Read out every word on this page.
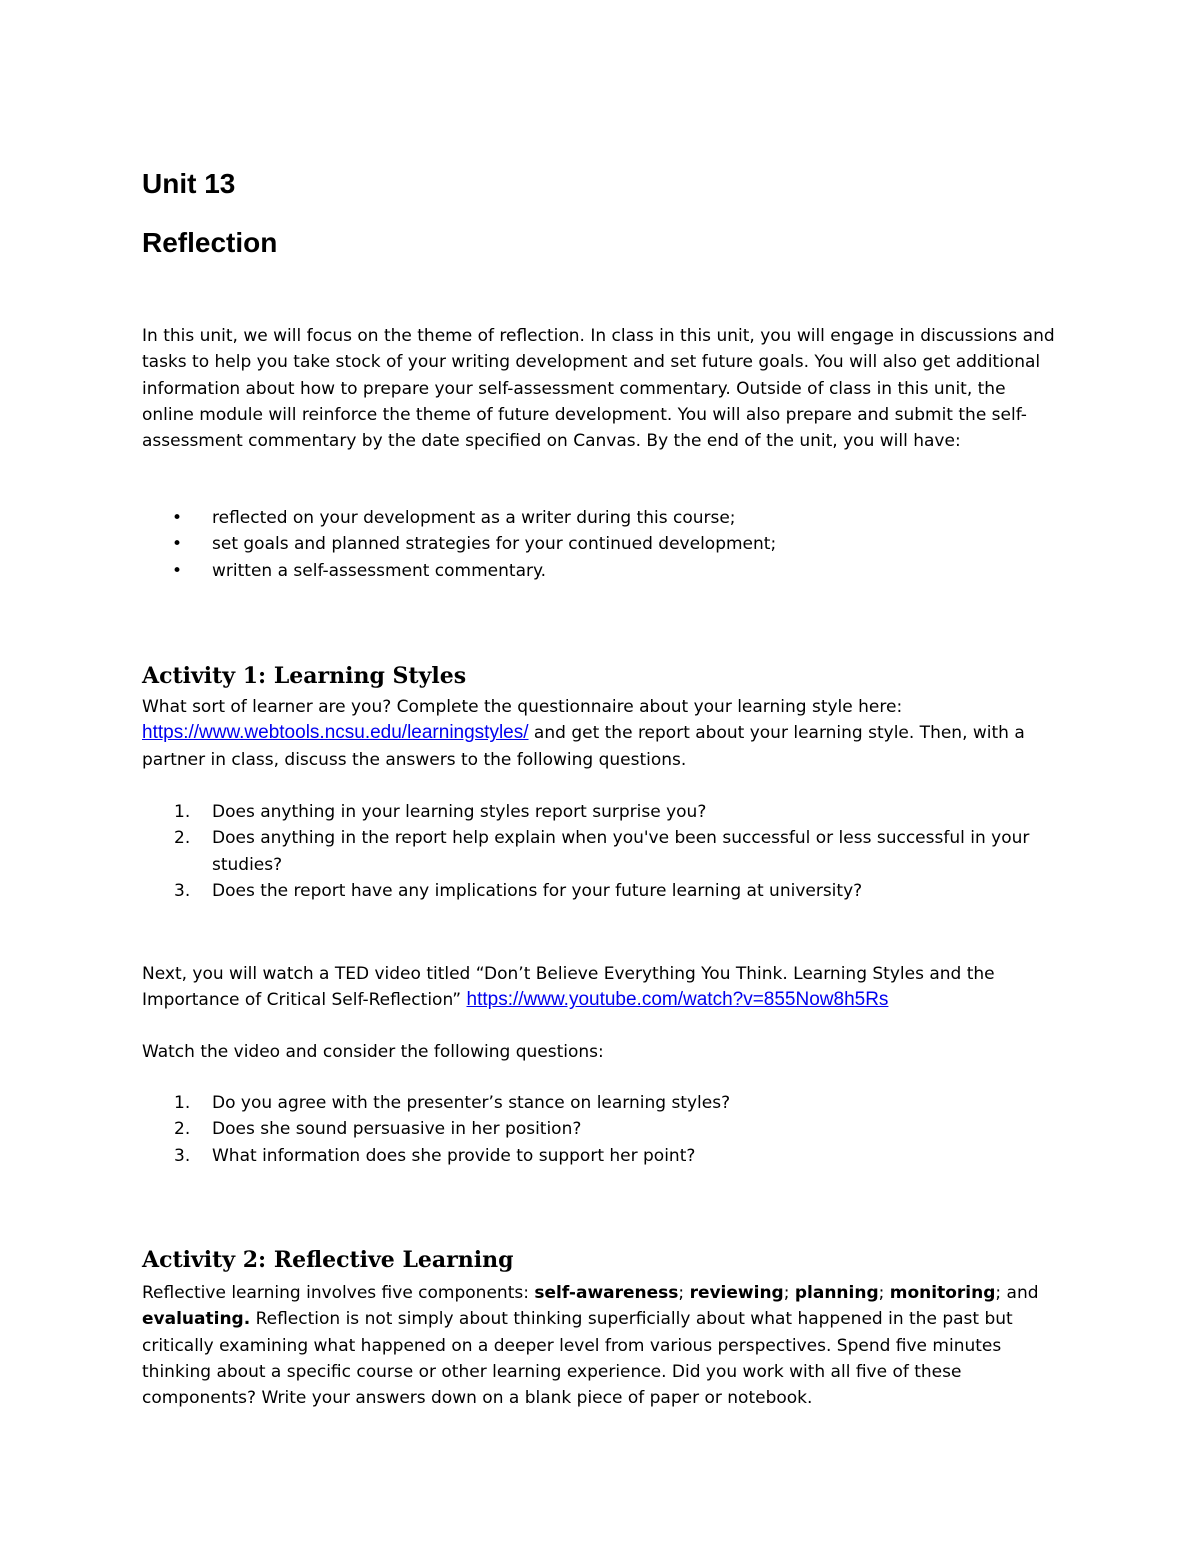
Unit 13
Reflection

In this unit, we will focus on the theme of reflection. In class in this unit, you will engage in discussions and tasks to help you take stock of your writing development and set future goals. You will also get additional information about how to prepare your self-assessment commentary. Outside of class in this unit, the online module will reinforce the theme of future development. You will also prepare and submit the self-assessment commentary by the date specified on Canvas. By the end of the unit, you will have:

• reflected on your development as a writer during this course;
• set goals and planned strategies for your continued development;
• written a self-assessment commentary.
Activity 1: Learning Styles

What sort of learner are you? Complete the questionnaire about your learning style here: https://www.webtools.ncsu.edu/learningstyles/ and get the report about your learning style. Then, with a partner in class, discuss the answers to the following questions.

1. Does anything in your learning styles report surprise you?
2. Does anything in the report help explain when you've been successful or less successful in your studies?
3. Does the report have any implications for your future learning at university?

Next, you will watch a TED video titled “Don’t Believe Everything You Think. Learning Styles and the Importance of Critical Self-Reflection” https://www.youtube.com/watch?v=855Now8h5Rs

Watch the video and consider the following questions:

1. Do you agree with the presenter’s stance on learning styles?
2. Does she sound persuasive in her position?
3. What information does she provide to support her point?
Activity 2: Reflective Learning

Reflective learning involves five components: self-awareness; reviewing; planning; monitoring; and evaluating. Reflection is not simply about thinking superficially about what happened in the past but critically examining what happened on a deeper level from various perspectives. Spend five minutes thinking about a specific course or other learning experience. Did you work with all five of these components? Write your answers down on a blank piece of paper or notebook.
